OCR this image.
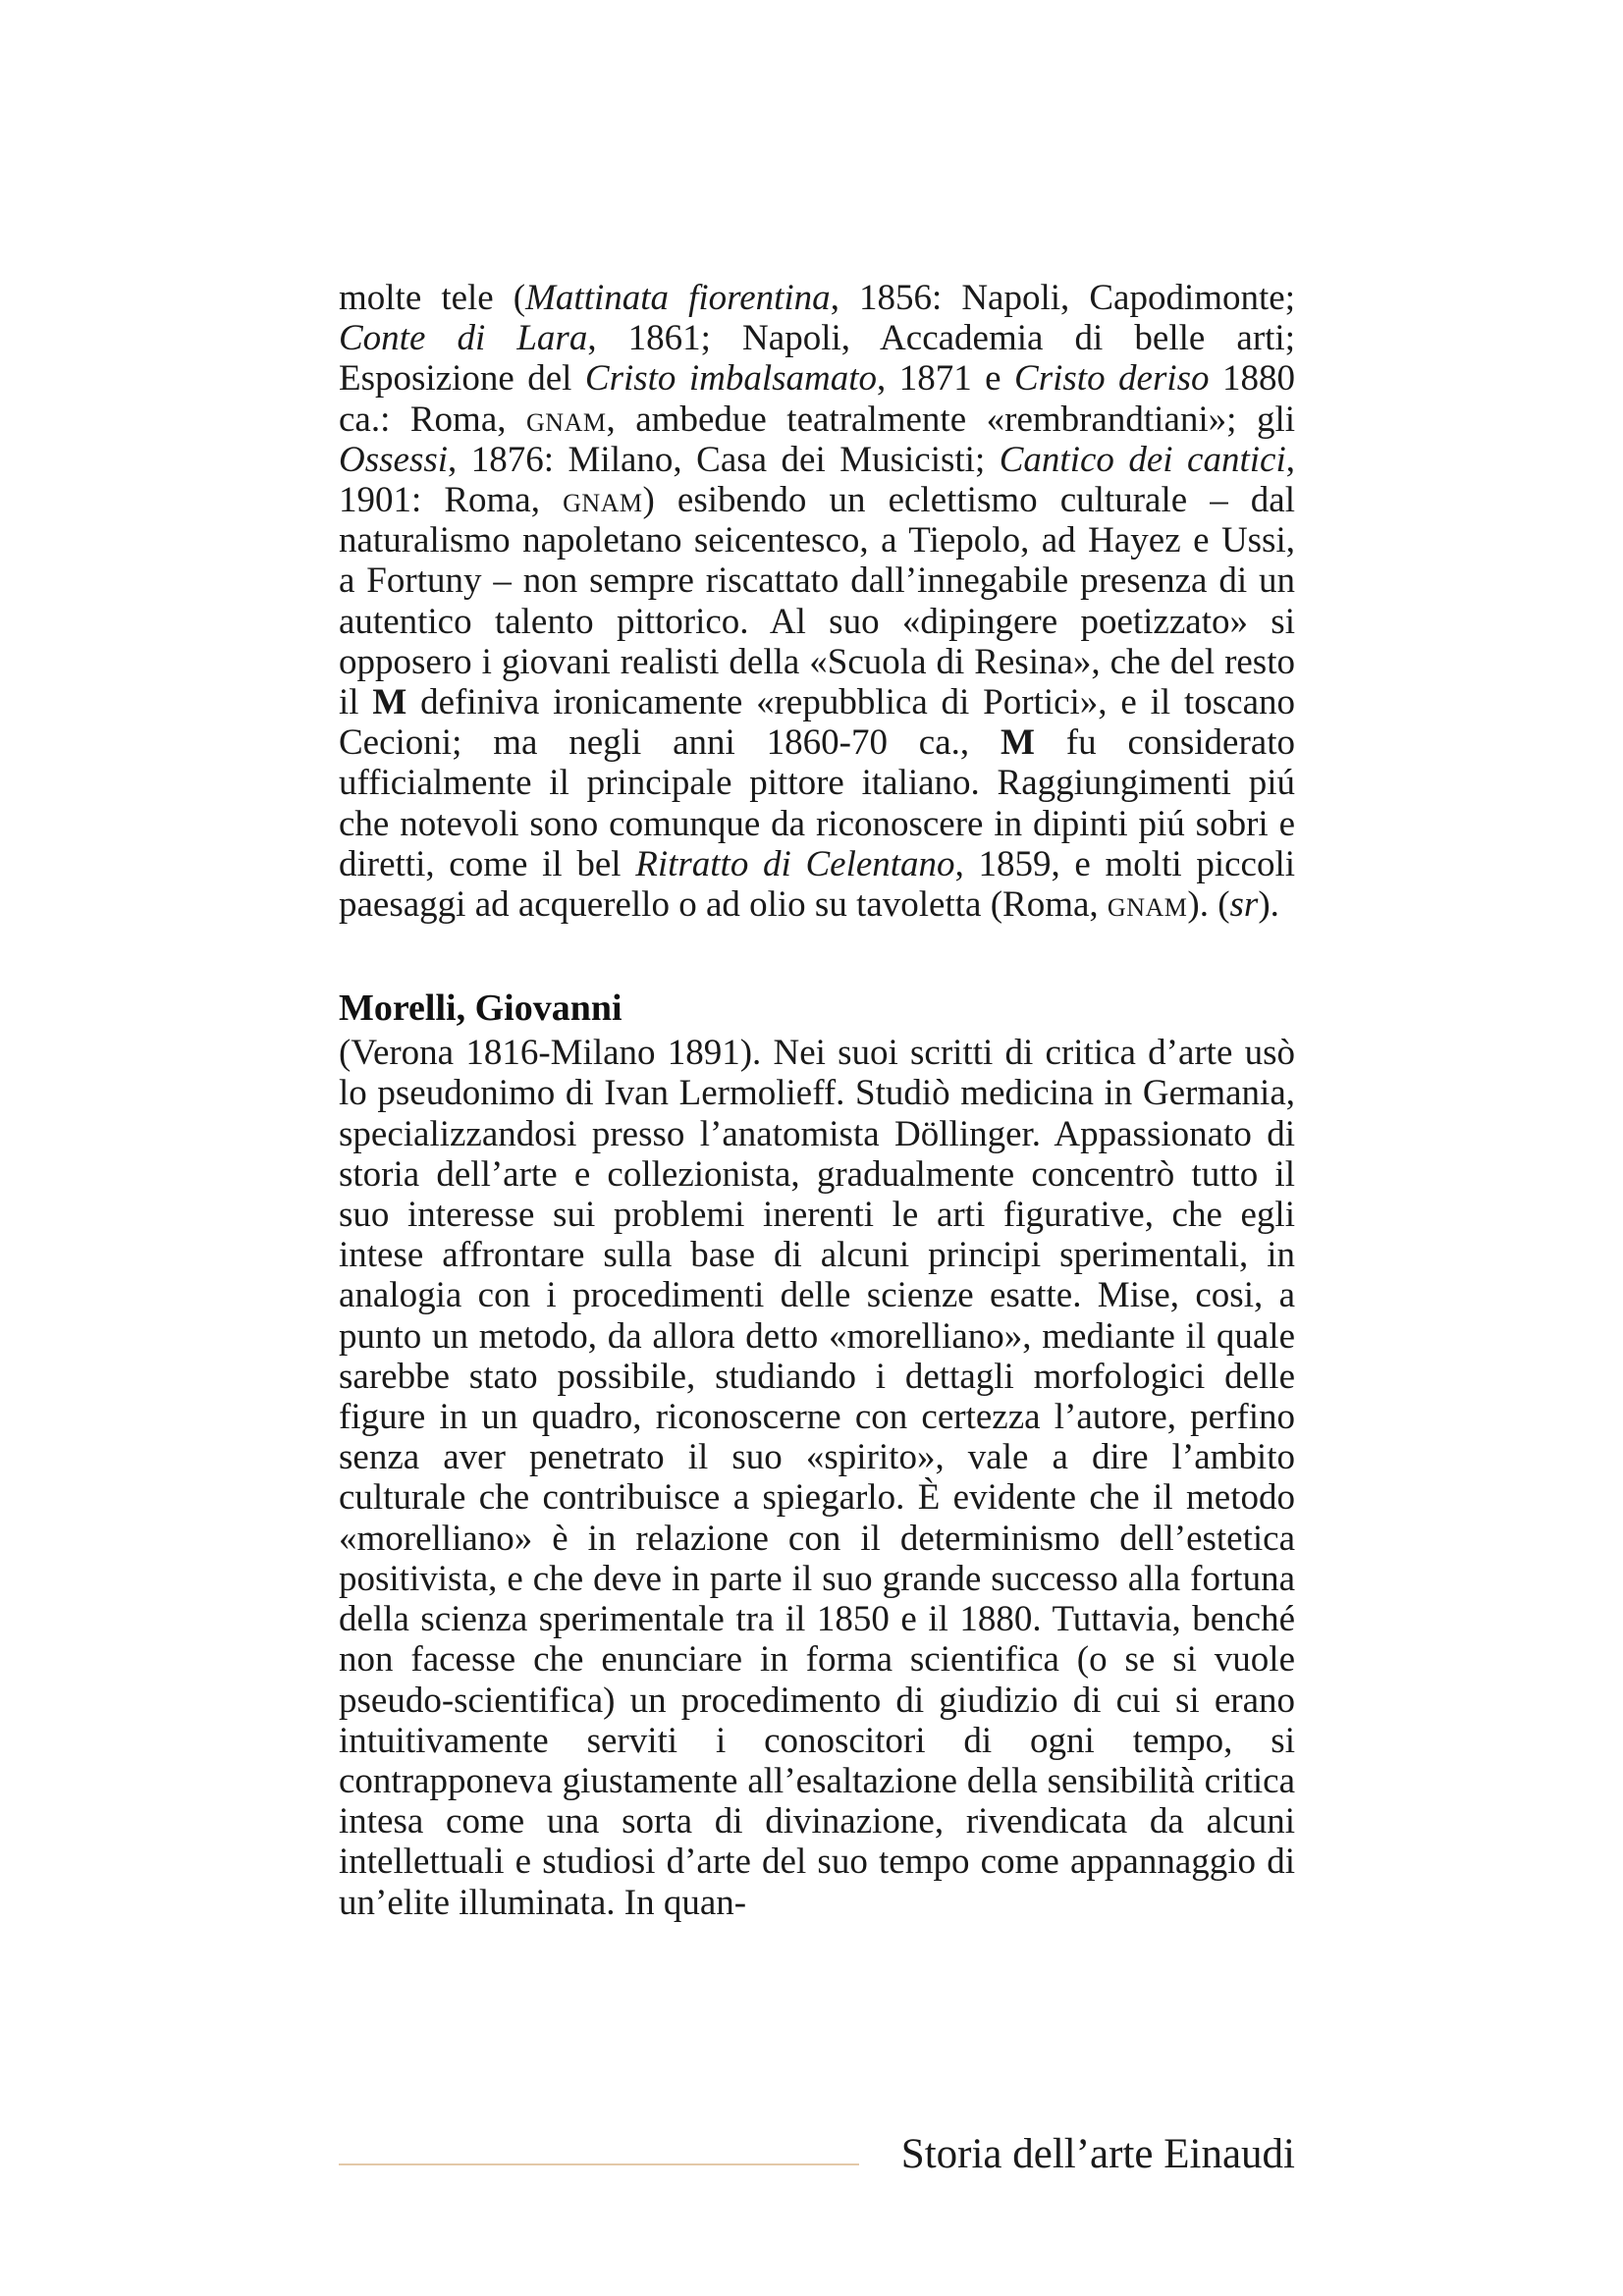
molte tele (Mattinata fiorentina, 1856: Napoli, Capodimonte; Conte di Lara, 1861; Napoli, Accademia di belle arti; Esposizione del Cristo imbalsamato, 1871 e Cristo deriso 1880 ca.: Roma, gnam, ambedue teatralmente «rembrandtiani»; gli Ossessi, 1876: Milano, Casa dei Musicisti; Cantico dei cantici, 1901: Roma, gnam) esibendo un eclettismo culturale – dal naturalismo napoletano seicentesco, a Tiepolo, ad Hayez e Ussi, a Fortuny – non sempre riscattato dall’innegabile presenza di un autentico talento pittorico. Al suo «dipingere poetizzato» si opposero i giovani realisti della «Scuola di Resina», che del resto il M definiva ironicamente «repubblica di Portici», e il toscano Cecioni; ma negli anni 1860-70 ca., M fu considerato ufficialmente il principale pittore italiano. Raggiungimenti piú che notevoli sono comunque da riconoscere in dipinti piú sobri e diretti, come il bel Ritratto di Celentano, 1859, e molti piccoli paesaggi ad acquerello o ad olio su tavoletta (Roma, gnam). (sr).

Morelli, Giovanni

(Verona 1816-Milano 1891). Nei suoi scritti di critica d’arte usò lo pseudonimo di Ivan Lermolieff. Studiò medicina in Germania, specializzandosi presso l’anatomista Döllinger. Appassionato di storia dell’arte e collezionista, gradualmente concentrò tutto il suo interesse sui problemi inerenti le arti figurative, che egli intese affrontare sulla base di alcuni principi sperimentali, in analogia con i procedimenti delle scienze esatte. Mise, cosi, a punto un metodo, da allora detto «morelliano», mediante il quale sarebbe stato possibile, studiando i dettagli morfologici delle figure in un quadro, riconoscerne con certezza l’autore, perfino senza aver penetrato il suo «spirito», vale a dire l’ambito culturale che contribuisce a spiegarlo. È evidente che il metodo «morelliano» è in relazione con il determinismo dell’estetica positivista, e che deve in parte il suo grande successo alla fortuna della scienza sperimentale tra il 1850 e il 1880. Tuttavia, benché non facesse che enunciare in forma scientifica (o se si vuole pseudo-scientifica) un procedimento di giudizio di cui si erano intuitivamente serviti i conoscitori di ogni tempo, si contrapponeva giustamente all’esaltazione della sensibilità critica intesa come una sorta di divinazione, rivendicata da alcuni intellettuali e studiosi d’arte del suo tempo come appannaggio di un’elite illuminata. In quan-

Storia dell’arte Einaudi
